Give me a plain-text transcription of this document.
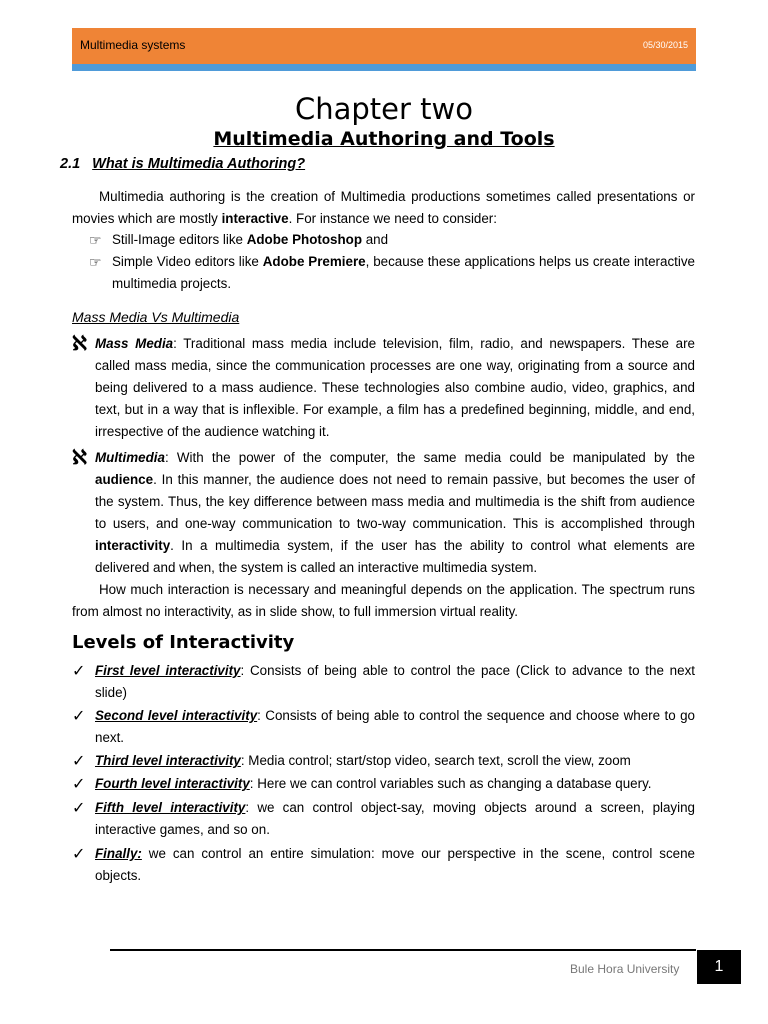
Multimedia systems	05/30/2015
Chapter two
Multimedia Authoring and Tools
2.1 What is Multimedia Authoring?
Multimedia authoring is the creation of Multimedia productions sometimes called presentations or movies which are mostly interactive. For instance we need to consider:
☞ Still-Image editors like Adobe Photoshop and
☞ Simple Video editors like Adobe Premiere, because these applications helps us create interactive multimedia projects.
Mass Media Vs Multimedia
ℵ Mass Media: Traditional mass media include television, film, radio, and newspapers. These are called mass media, since the communication processes are one way, originating from a source and being delivered to a mass audience. These technologies also combine audio, video, graphics, and text, but in a way that is inflexible. For example, a film has a predefined beginning, middle, and end, irrespective of the audience watching it.
ℵ Multimedia: With the power of the computer, the same media could be manipulated by the audience. In this manner, the audience does not need to remain passive, but becomes the user of the system. Thus, the key difference between mass media and multimedia is the shift from audience to users, and one-way communication to two-way communication. This is accomplished through interactivity. In a multimedia system, if the user has the ability to control what elements are delivered and when, the system is called an interactive multimedia system.
How much interaction is necessary and meaningful depends on the application. The spectrum runs from almost no interactivity, as in slide show, to full immersion virtual reality.
Levels of Interactivity
✓ First level interactivity: Consists of being able to control the pace (Click to advance to the next slide)
✓ Second level interactivity: Consists of being able to control the sequence and choose where to go next.
✓ Third level interactivity: Media control; start/stop video, search text, scroll the view, zoom
✓ Fourth level interactivity: Here we can control variables such as changing a database query.
✓ Fifth level interactivity: we can control object-say, moving objects around a screen, playing interactive games, and so on.
✓ Finally: we can control an entire simulation: move our perspective in the scene, control scene objects.
Bule Hora University	1
